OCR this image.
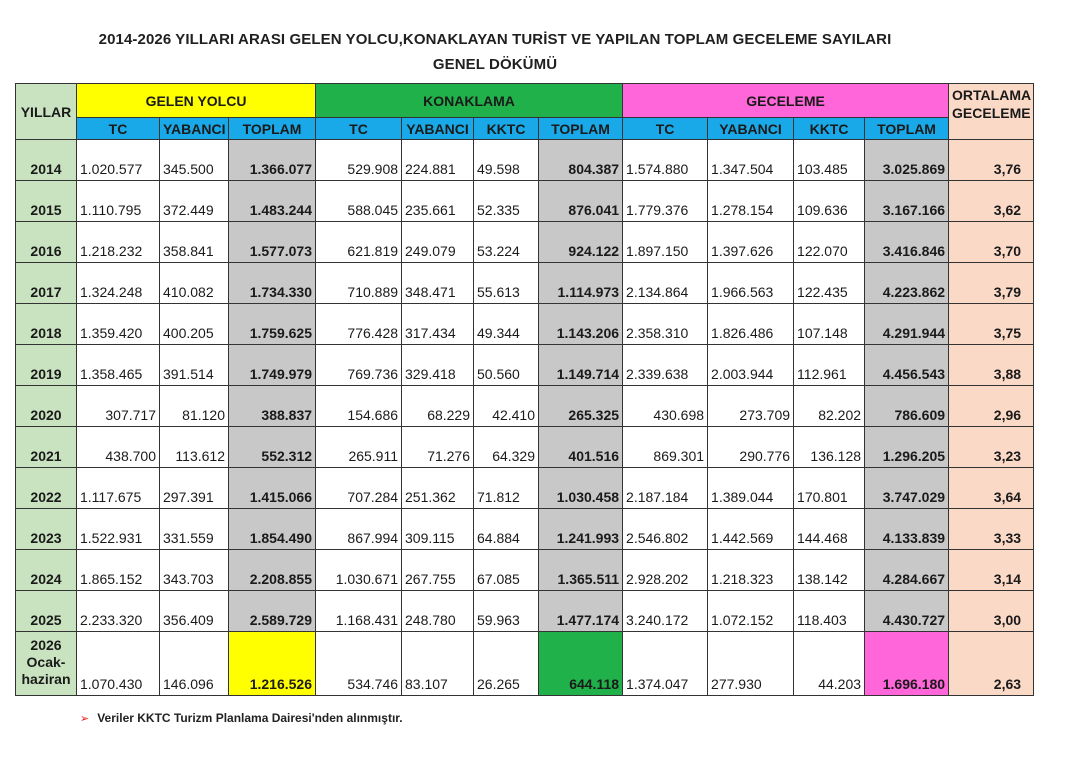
2014-2026 YILLARI ARASI GELEN YOLCU,KONAKLAYAN TURİST VE YAPILAN TOPLAM GECELEME SAYILARI
GENEL DÖKÜMÜ
YILLAR	GELEN YOLCU			KONAKLAMA				GECELEME				ORTALAMA
GECELEME
	TC	YABANCI	TOPLAM	TC	YABANCI	KKTC	TOPLAM	TC	YABANCI	KKTC	TOPLAM	
2014	1.020.577	345.500	1.366.077	529.908	224.881	49.598	804.387	1.574.880	1.347.504	103.485	3.025.869	3,76
2015	1.110.795	372.449	1.483.244	588.045	235.661	52.335	876.041	1.779.376	1.278.154	109.636	3.167.166	3,62
2016	1.218.232	358.841	1.577.073	621.819	249.079	53.224	924.122	1.897.150	1.397.626	122.070	3.416.846	3,70
2017	1.324.248	410.082	1.734.330	710.889	348.471	55.613	1.114.973	2.134.864	1.966.563	122.435	4.223.862	3,79
2018	1.359.420	400.205	1.759.625	776.428	317.434	49.344	1.143.206	2.358.310	1.826.486	107.148	4.291.944	3,75
2019	1.358.465	391.514	1.749.979	769.736	329.418	50.560	1.149.714	2.339.638	2.003.944	112.961	4.456.543	3,88
2020	307.717	81.120	388.837	154.686	68.229	42.410	265.325	430.698	273.709	82.202	786.609	2,96
2021	438.700	113.612	552.312	265.911	71.276	64.329	401.516	869.301	290.776	136.128	1.296.205	3,23
2022	1.117.675	297.391	1.415.066	707.284	251.362	71.812	1.030.458	2.187.184	1.389.044	170.801	3.747.029	3,64
2023	1.522.931	331.559	1.854.490	867.994	309.115	64.884	1.241.993	2.546.802	1.442.569	144.468	4.133.839	3,33
2024	1.865.152	343.703	2.208.855	1.030.671	267.755	67.085	1.365.511	2.928.202	1.218.323	138.142	4.284.667	3,14
2025	2.233.320	356.409	2.589.729	1.168.431	248.780	59.963	1.477.174	3.240.172	1.072.152	118.403	4.430.727	3,00
2026
Ocak-
haziran	1.070.430	146.096	1.216.526	534.746	83.107	26.265	644.118	1.374.047	277.930	44.203	1.696.180	2,63
➢ Veriler KKTC Turizm Planlama Dairesi'nden alınmıştır.
